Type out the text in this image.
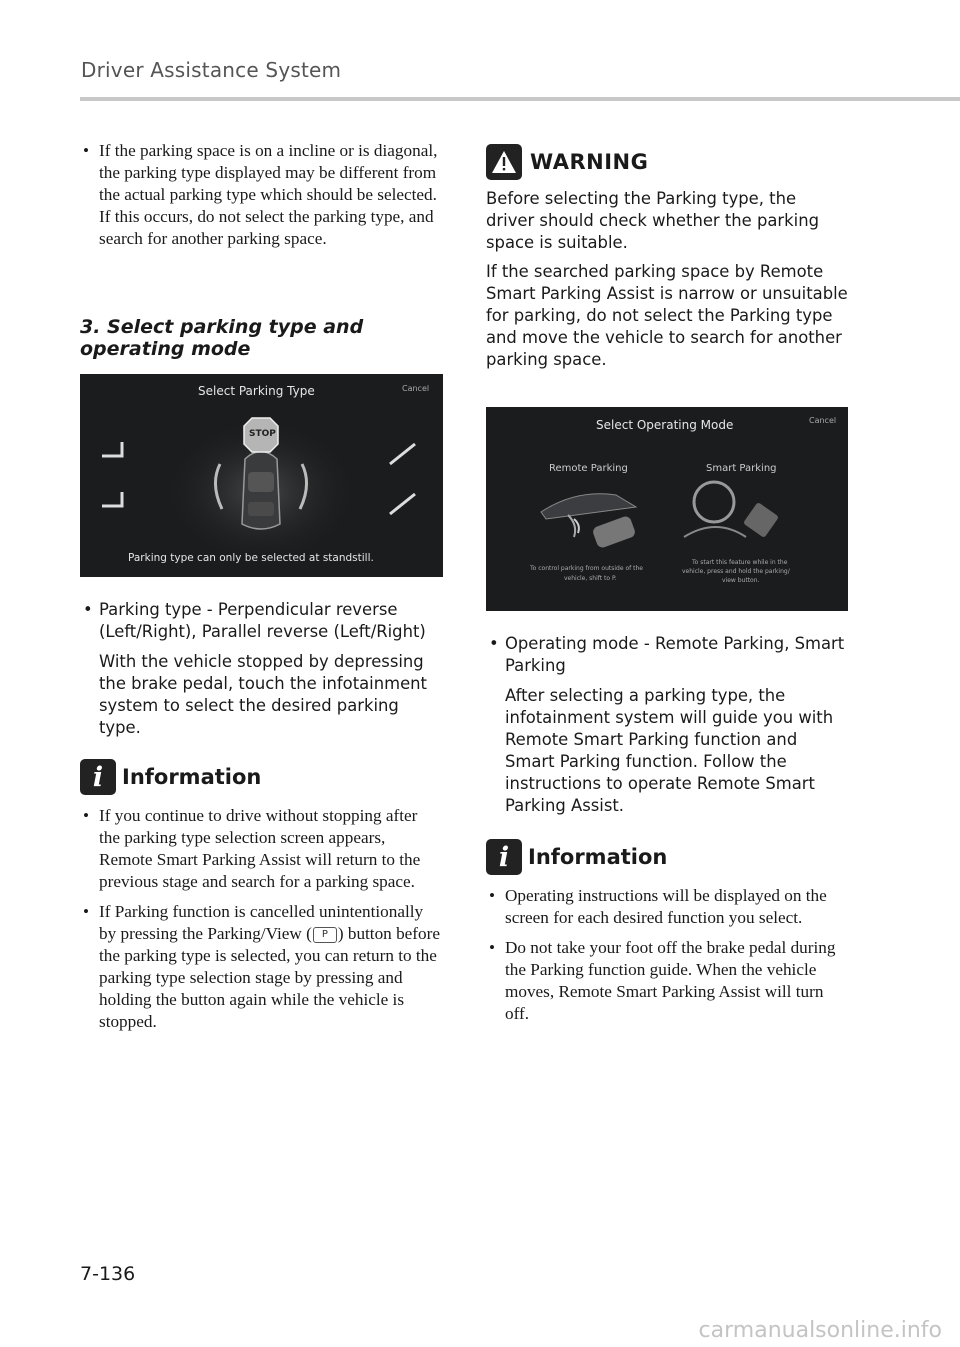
Driver Assistance System
• If the parking space is on a incline or is diagonal, the parking type displayed may be different from the actual parking type which should be selected. If this occurs, do not select the parking type, and search for another parking space.
3. Select parking type and operating mode
Select Parking Type	Cancel
STOP
Parking type can only be selected at standstill.
• Parking type - Perpendicular reverse (Left/Right), Parallel reverse (Left/Right)

With the vehicle stopped by depressing the brake pedal, touch the infotainment system to select the desired parking type.

i Information
• If you continue to drive without stopping after the parking type selection screen appears, Remote Smart Parking Assist will return to the previous stage and search for a parking space.
• If Parking function is cancelled unintentionally by pressing the Parking/View ( P ) button before the parking type is selected, you can return to the parking type selection stage by pressing and holding the button again while the vehicle is stopped.
WARNING

Before selecting the Parking type, the driver should check whether the parking space is suitable.

If the searched parking space by Remote Smart Parking Assist is narrow or unsuitable for parking, do not select the Parking type and move the vehicle to search for another parking space.

Select Operating Mode	Cancel
Remote Parking	Smart Parking
To control parking from outside of the
vehicle, shift to P.
To start this feature while in the
vehicle, press and hold the parking/
view button.
• Operating mode - Remote Parking, Smart Parking

After selecting a parking type, the infotainment system will guide you with Remote Smart Parking function and Smart Parking function. Follow the instructions to operate Remote Smart Parking Assist.

i Information
• Operating instructions will be displayed on the screen for each desired function you select.
• Do not take your foot off the brake pedal during the Parking function guide. When the vehicle moves, Remote Smart Parking Assist will turn off.
7-136
carmanualsonline.info
